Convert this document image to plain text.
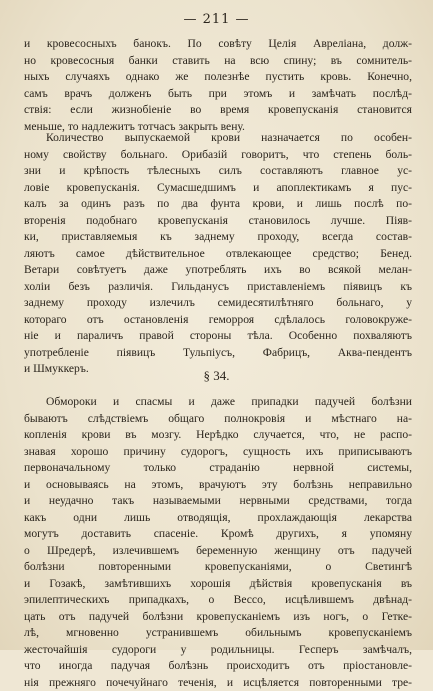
— 211 —
и кровесосныхъ банокъ. По совѣту Целія Авреліана, долж-
но кровесосныя банки ставить на всю спину; въ сомнитель-
ныхъ случаяхъ однако же полезнѣе пустить кровь. Конечно,
самъ врачъ долженъ быть при этомъ и замѣчать послѣд-
ствія: если жизнобіеніе во время кровепусканія становится
меньше, то надлежитъ тотчасъ закрыть вену.
Количество выпускаемой крови назначается по особен-
ному свойству больнаго. Орибазій говоритъ, что степень боль-
зни и крѣпость тѣлесныхъ силъ составляютъ главное ус-
ловіе кровепусканія. Сумасшедшимъ и апоплектикамъ я пус-
калъ за одинъ разъ по два фунта крови, и лишь послѣ по-
вторенія подобнаго кровепусканія становилось лучше. Піяв-
ки, приставляемыя къ заднему проходу, всегда состав-
ляютъ самое дѣйствительное отвлекающее средство; Бенед.
Ветари совѣтуетъ даже употреблять ихъ во всякой мелан-
холіи безъ различія. Гильданусъ приставленіемъ піявицъ къ
заднему проходу излечилъ семидесятилѣтняго больнаго, у
котораго отъ остановленія геморроя сдѣлалось головокруже-
ніе и параличъ правой стороны тѣла. Особенно похваляютъ
употребленіе піявицъ Тульпіусъ, Фабрицъ, Аква-пендентъ
и Шмуккеръ.	§ 34.
Обмороки и спасмы и даже припадки падучей болѣзни
бываютъ слѣдствіемъ общаго полнокровія и мѣстнаго на-
копленія крови въ мозгу. Нерѣдко случается, что, не распо-
знавая хорошо причину судорогъ, сущность ихъ приписываютъ
первоначальному только страданію нервной системы,
и основываясь на этомъ, врачуютъ эту болѣзнь неправильно
и неудачно такъ называемыми нервными средствами, тогда
какъ одни лишь отводящія, прохлаждающія лекарства
могутъ доставить спасеніе. Кромѣ другихъ, я упомяну
о Шредерѣ, излечившемъ беременную женщину отъ падучей
болѣзни повторенными кровепусканіями, о Светингѣ
и Гозакѣ, замѣтившихъ хорошія дѣйствія кровепусканія въ
эпилептическихъ припадкахъ, о Вессо, исцѣлившемъ двѣнад-
цать отъ падучей болѣзни кровепусканіемъ изъ ногъ, о Гетке-
лѣ, мгновенно устранившемъ обильнымъ кровепусканіемъ
жесточайшія судороги у родильницы. Гесперъ замѣчалъ,
что иногда падучая болѣзнь происходитъ отъ пріостановле-
нія прежняго почечуйнаго теченія, и исцѣляется повторенными тре-
